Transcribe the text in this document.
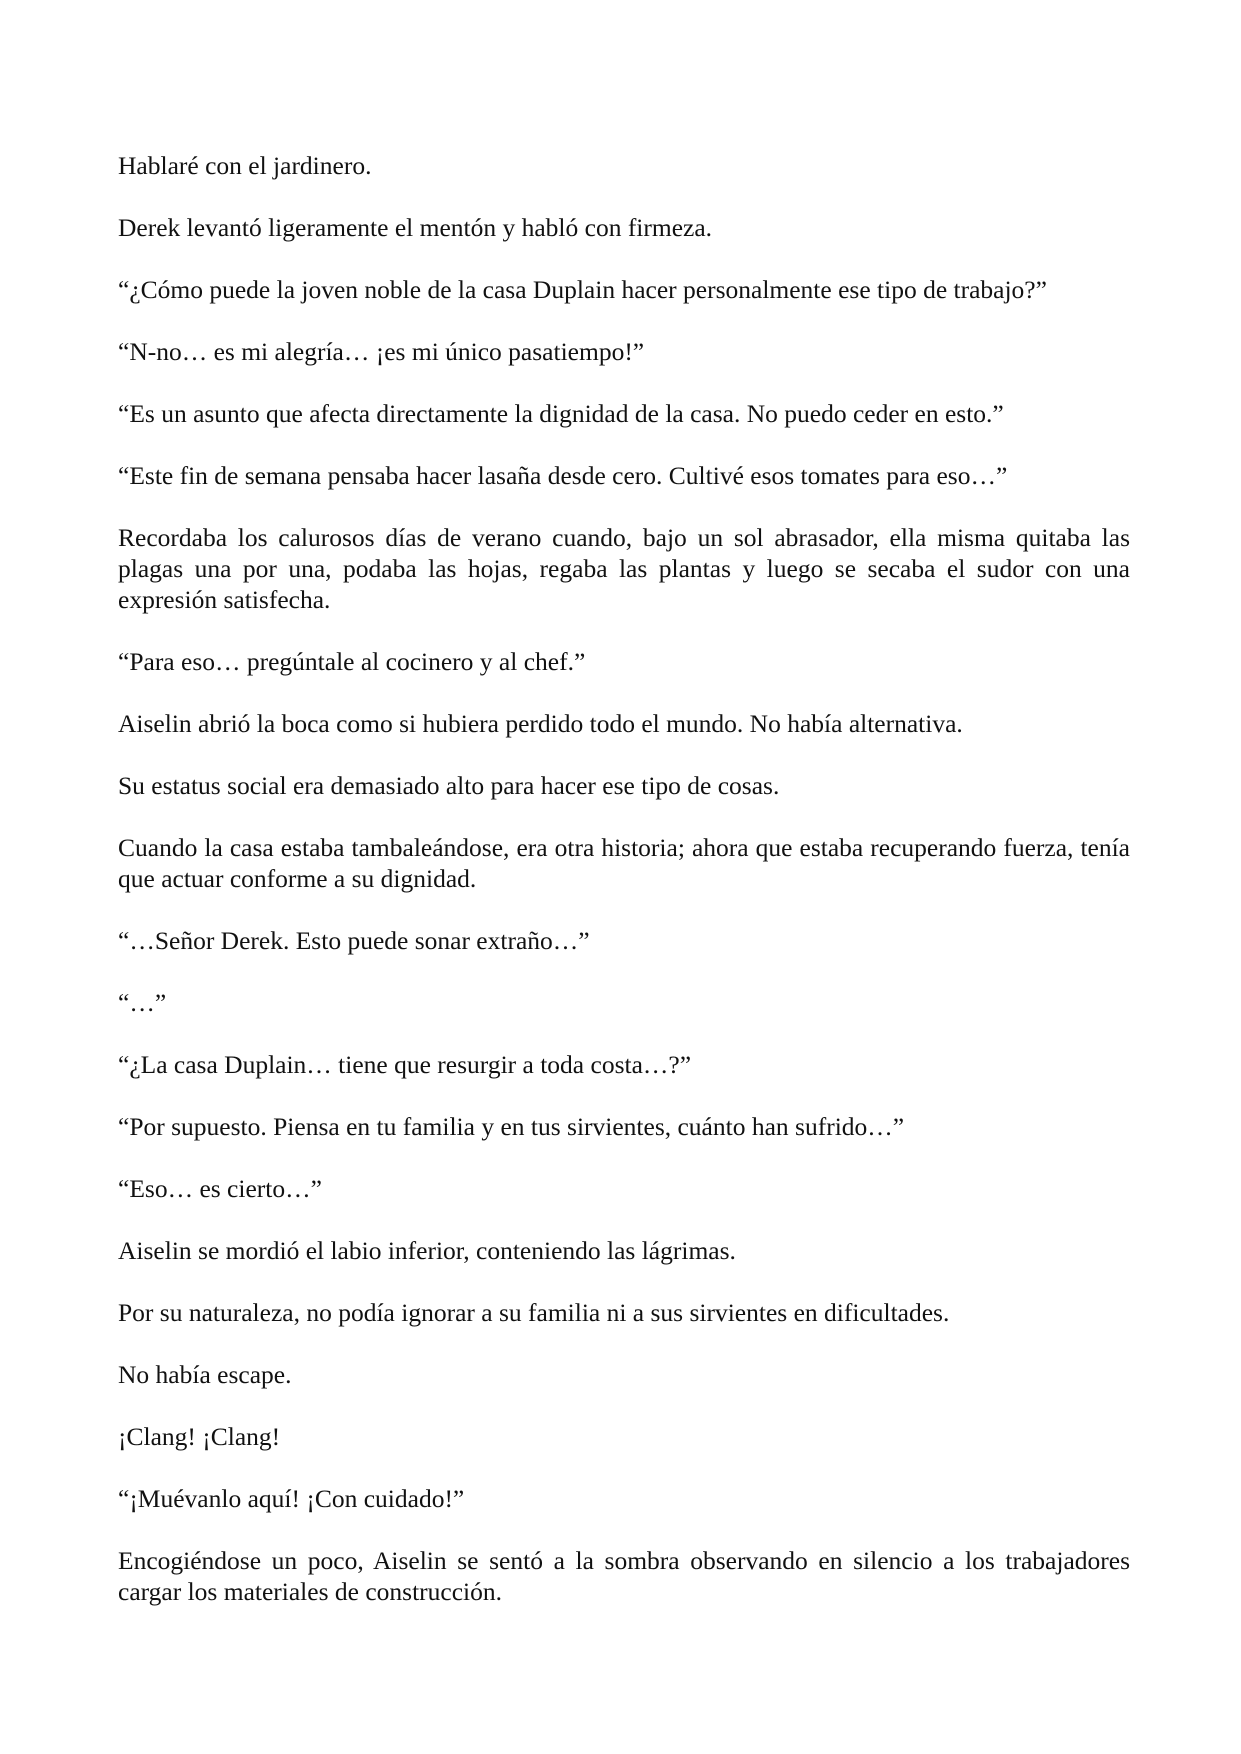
Hablaré con el jardinero.

Derek levantó ligeramente el mentón y habló con firmeza.

“¿Cómo puede la joven noble de la casa Duplain hacer personalmente ese tipo de trabajo?”

“N-no… es mi alegría… ¡es mi único pasatiempo!”

“Es un asunto que afecta directamente la dignidad de la casa. No puedo ceder en esto.”

“Este fin de semana pensaba hacer lasaña desde cero. Cultivé esos tomates para eso…”

Recordaba los calurosos días de verano cuando, bajo un sol abrasador, ella misma quitaba las plagas una por una, podaba las hojas, regaba las plantas y luego se secaba el sudor con una expresión satisfecha.

“Para eso… pregúntale al cocinero y al chef.”

Aiselin abrió la boca como si hubiera perdido todo el mundo. No había alternativa.

Su estatus social era demasiado alto para hacer ese tipo de cosas.

Cuando la casa estaba tambaleándose, era otra historia; ahora que estaba recuperando fuerza, tenía que actuar conforme a su dignidad.

“…Señor Derek. Esto puede sonar extraño…”

“…”

“¿La casa Duplain… tiene que resurgir a toda costa…?”

“Por supuesto. Piensa en tu familia y en tus sirvientes, cuánto han sufrido…”

“Eso… es cierto…”

Aiselin se mordió el labio inferior, conteniendo las lágrimas.

Por su naturaleza, no podía ignorar a su familia ni a sus sirvientes en dificultades.

No había escape.

¡Clang! ¡Clang!

“¡Muévanlo aquí! ¡Con cuidado!”

Encogiéndose un poco, Aiselin se sentó a la sombra observando en silencio a los trabajadores cargar los materiales de construcción.
